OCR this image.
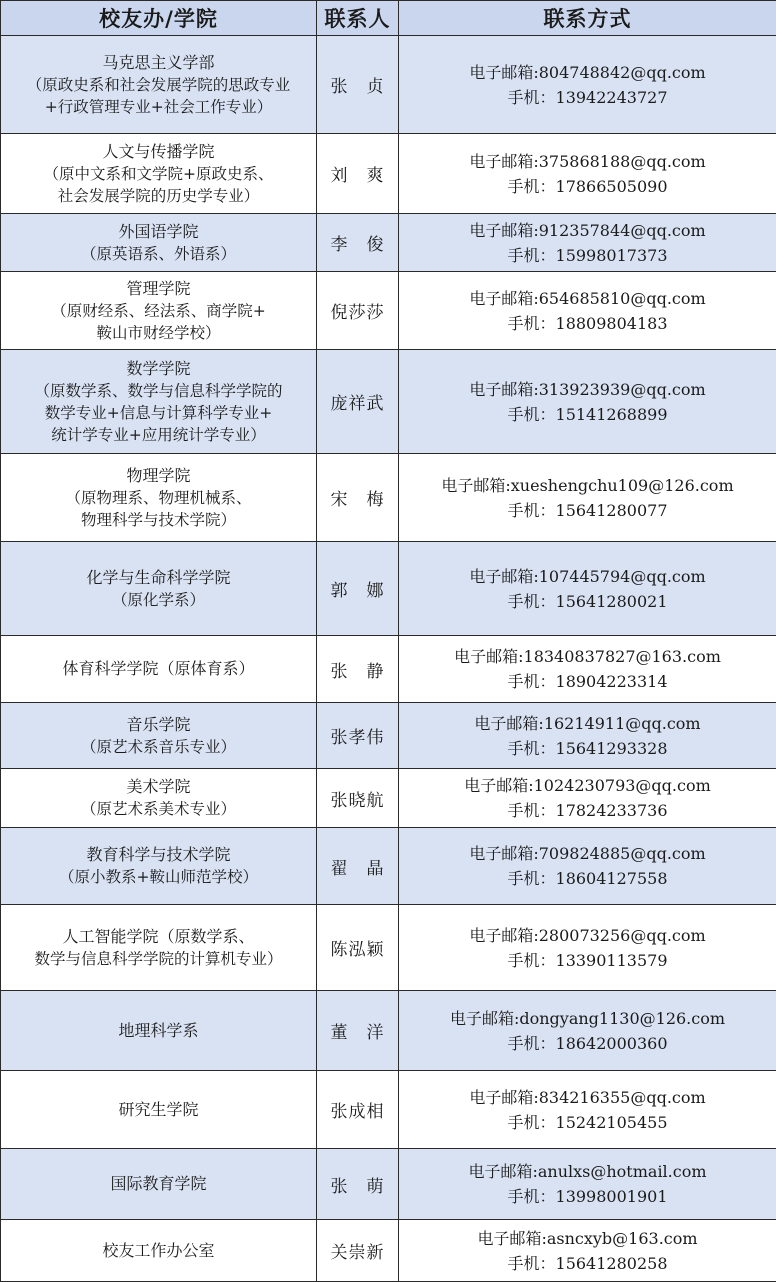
校友办/学院	联系人	联系方式

马克思主义学部
（原政史系和社会发展学院的思政专业
+行政管理专业+社会工作专业）	张　贞	电子邮箱:804748842@qq.com
手机：13942243727

人文与传播学院
（原中文系和文学院+原政史系、
社会发展学院的历史学专业）	刘　爽	电子邮箱:375868188@qq.com
手机：17866505090

外国语学院
（原英语系、外语系）	李　俊	电子邮箱:912357844@qq.com
手机：15998017373

管理学院
（原财经系、经法系、商学院+
鞍山市财经学校）	倪莎莎	电子邮箱:654685810@qq.com
手机：18809804183

数学学院
（原数学系、数学与信息科学学院的
数学专业+信息与计算科学专业+
统计学专业+应用统计学专业）	庞祥武	电子邮箱:313923939@qq.com
手机：15141268899

物理学院
（原物理系、物理机械系、
物理科学与技术学院）	宋　梅	电子邮箱:xueshengchu109@126.com
手机：15641280077

化学与生命科学学院
（原化学系）	郭　娜	电子邮箱:107445794@qq.com
手机：15641280021

体育科学学院（原体育系）	张　静	电子邮箱:18340837827@163.com
手机：18904223314

音乐学院
（原艺术系音乐专业）	张孝伟	电子邮箱:16214911@qq.com
手机：15641293328

美术学院
（原艺术系美术专业）	张晓航	电子邮箱:1024230793@qq.com
手机：17824233736

教育科学与技术学院
（原小教系+鞍山师范学校）	翟　晶	电子邮箱:709824885@qq.com
手机：18604127558

人工智能学院（原数学系、
数学与信息科学学院的计算机专业）	陈泓颖	电子邮箱:280073256@qq.com
手机：13390113579

地理科学系	董　洋	电子邮箱:dongyang1130@126.com
手机：18642000360

研究生学院	张成相	电子邮箱:834216355@qq.com
手机：15242105455

国际教育学院	张　萌	电子邮箱:anulxs@hotmail.com
手机：13998001901

校友工作办公室	关崇新	电子邮箱:asncxyb@163.com
手机：15641280258
